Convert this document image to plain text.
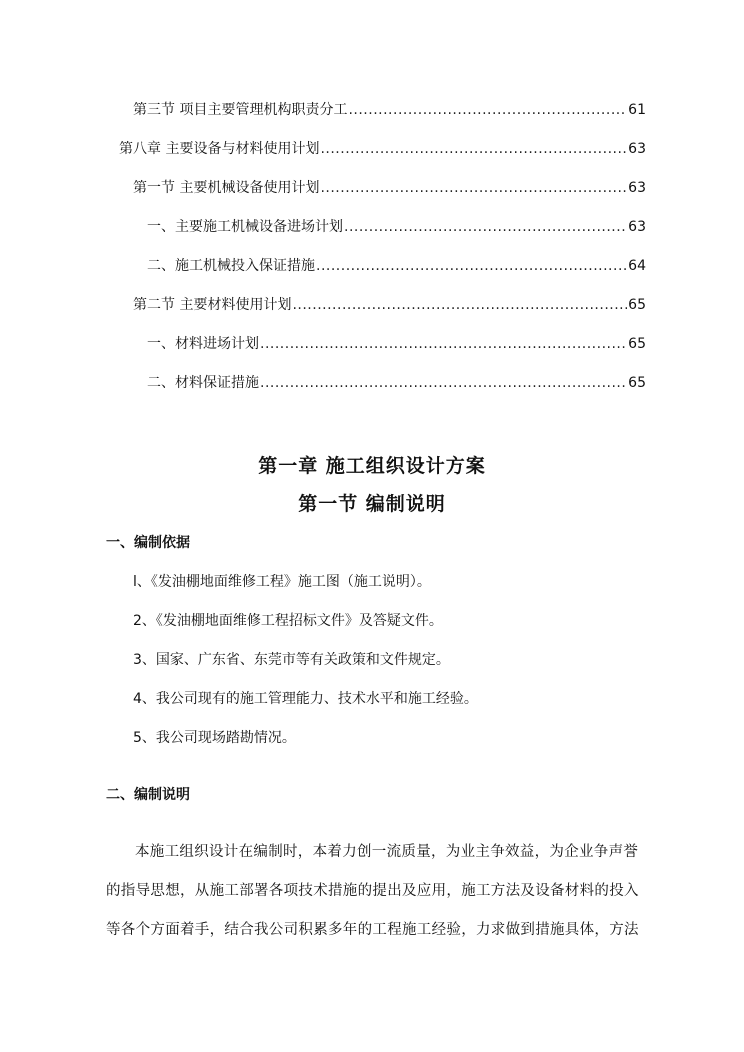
第三节 项目主要管理机构职责分工 .....	61
第八章 主要设备与材料使用计划 .....	63
第一节 主要机械设备使用计划 .....	63
一、主要施工机械设备进场计划 .....	63
二、施工机械投入保证措施 .....	64
第二节 主要材料使用计划 .....	65
一、材料进场计划 .....	65
二、材料保证措施 .....	65
第一章 施工组织设计方案
第一节 编制说明
一、编制依据
l、《发油棚地面维修工程》施工图（施工说明）。
2、《发油棚地面维修工程招标文件》及答疑文件。
3、国家、广东省、东莞市等有关政策和文件规定。
4、我公司现有的施工管理能力、技术水平和施工经验。
5、我公司现场踏勘情况。
二、编制说明
本施工组织设计在编制时，本着力创一流质量，为业主争效益，为企业争声誉
的指导思想，从施工部署各项技术措施的提出及应用，施工方法及设备材料的投入
等各个方面着手，结合我公司积累多年的工程施工经验，力求做到措施具体，方法
